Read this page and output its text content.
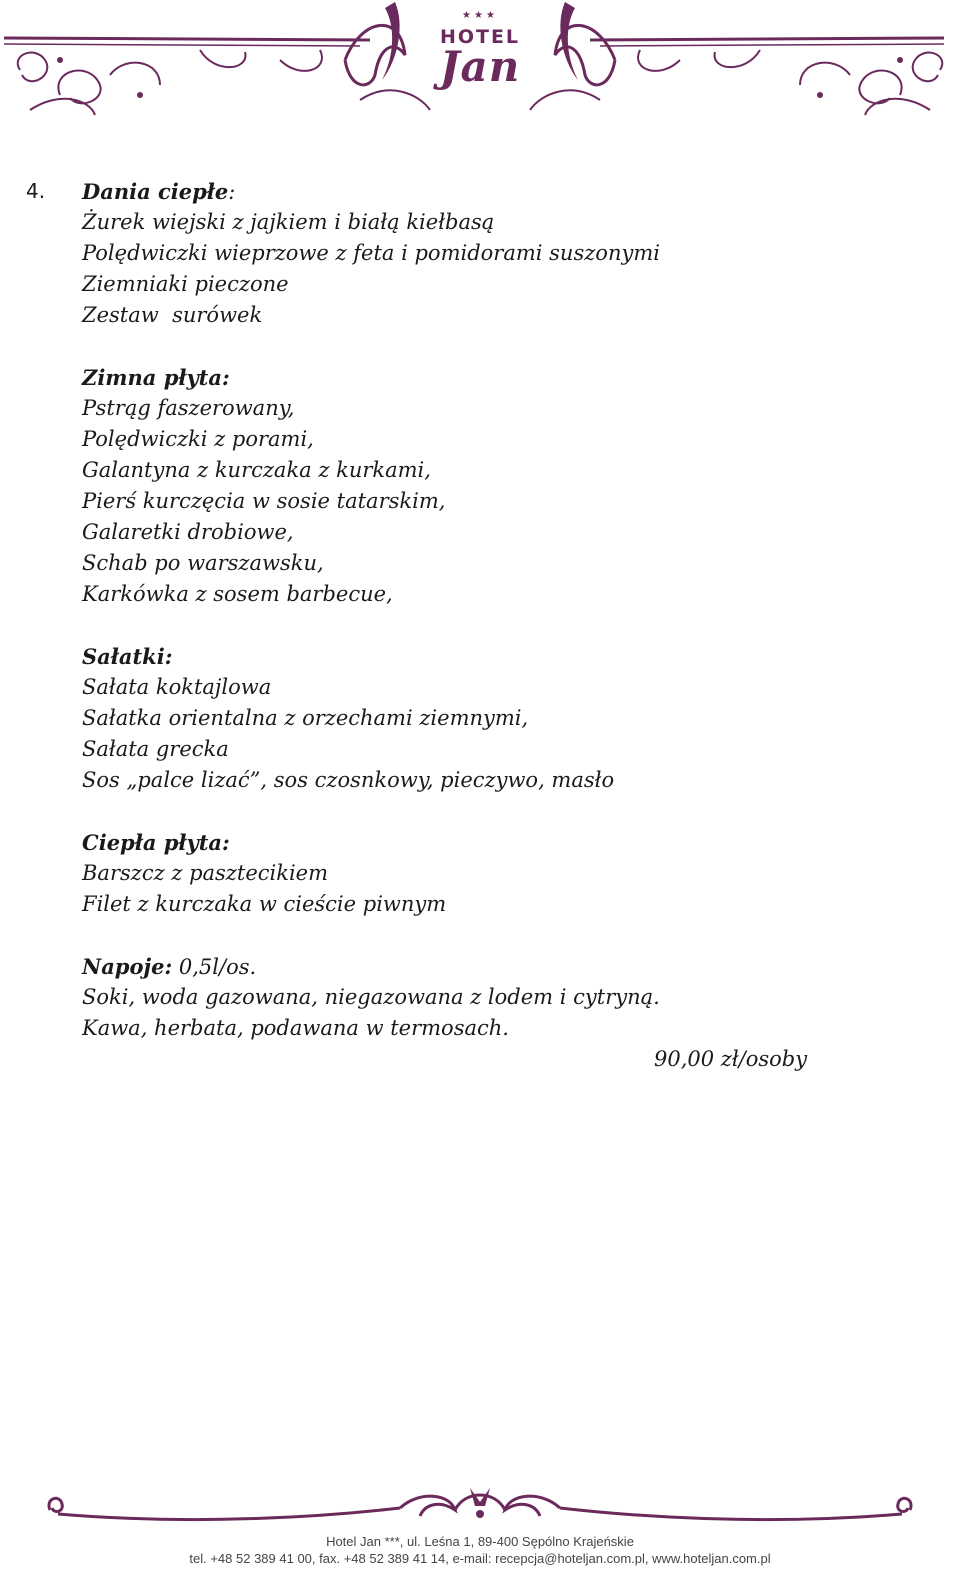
★★★
HOTEL
Jan
4. Dania ciepłe:
Żurek wiejski z jajkiem i białą kiełbasą
Polędwiczki wieprzowe z feta i pomidorami suszonymi
Ziemniaki pieczone
Zestaw  surówek
Zimna płyta:
Pstrąg faszerowany,
Polędwiczki z porami,
Galantyna z kurczaka z kurkami,
Pierś kurczęcia w sosie tatarskim,
Galaretki drobiowe,
Schab po warszawsku,
Karkówka z sosem barbecue,
Sałatki:
Sałata koktajlowa
Sałatka orientalna z orzechami ziemnymi,
Sałata grecka
Sos „palce lizać”, sos czosnkowy, pieczywo, masło
Ciepła płyta:
Barszcz z pasztecikiem
Filet z kurczaka w cieście piwnym
Napoje: 0,5l/os.
Soki, woda gazowana, niegazowana z lodem i cytryną.
Kawa, herbata, podawana w termosach.
90,00 zł/osoby
Hotel Jan ***, ul. Leśna 1, 89-400 Sępólno Krajeńskie
tel. +48 52 389 41 00, fax. +48 52 389 41 14, e-mail: recepcja@hoteljan.com.pl, www.hoteljan.com.pl
